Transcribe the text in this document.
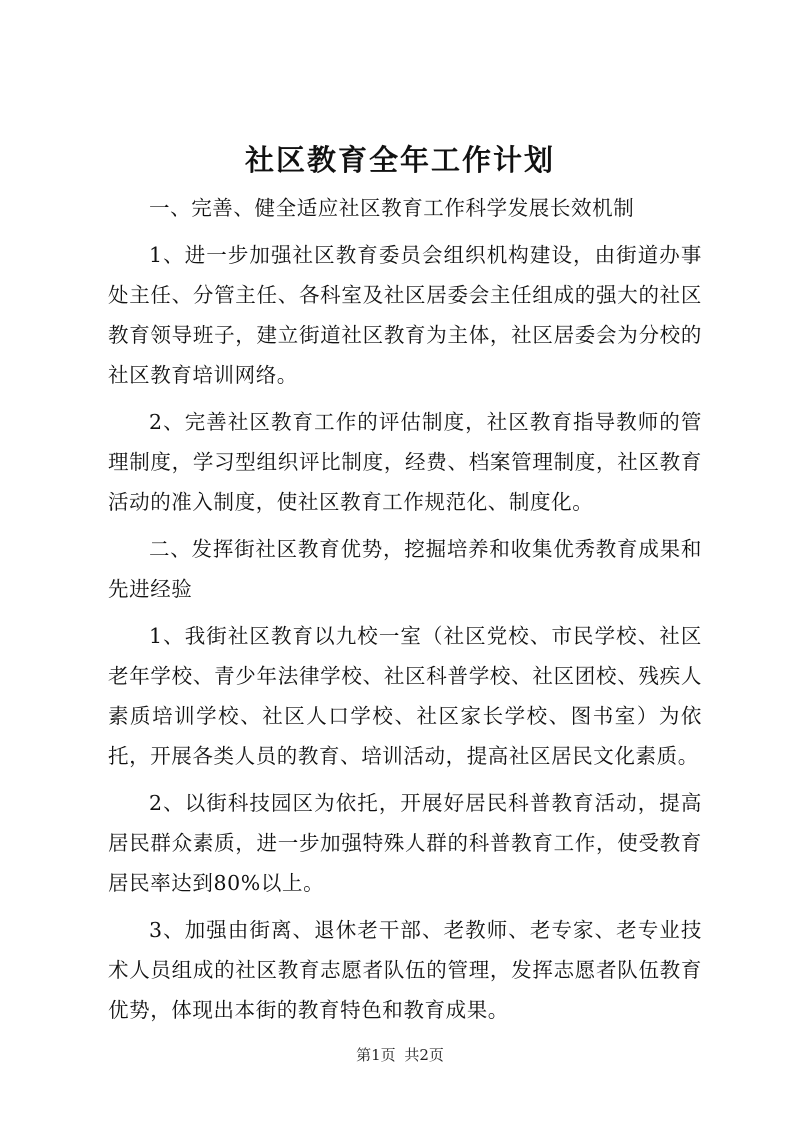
社区教育全年工作计划

一、完善、健全适应社区教育工作科学发展长效机制

1、进一步加强社区教育委员会组织机构建设，由街道办事处主任、分管主任、各科室及社区居委会主任组成的强大的社区教育领导班子，建立街道社区教育为主体，社区居委会为分校的社区教育培训网络。

2、完善社区教育工作的评估制度，社区教育指导教师的管理制度，学习型组织评比制度，经费、档案管理制度，社区教育活动的准入制度，使社区教育工作规范化、制度化。

二、发挥街社区教育优势，挖掘培养和收集优秀教育成果和先进经验

1、我街社区教育以九校一室（社区党校、市民学校、社区老年学校、青少年法律学校、社区科普学校、社区团校、残疾人素质培训学校、社区人口学校、社区家长学校、图书室）为依托，开展各类人员的教育、培训活动，提高社区居民文化素质。

2、以街科技园区为依托，开展好居民科普教育活动，提高居民群众素质，进一步加强特殊人群的科普教育工作，使受教育居民率达到80%以上。

3、加强由街离、退休老干部、老教师、老专家、老专业技术人员组成的社区教育志愿者队伍的管理，发挥志愿者队伍教育优势，体现出本街的教育特色和教育成果。

第1页 共2页
